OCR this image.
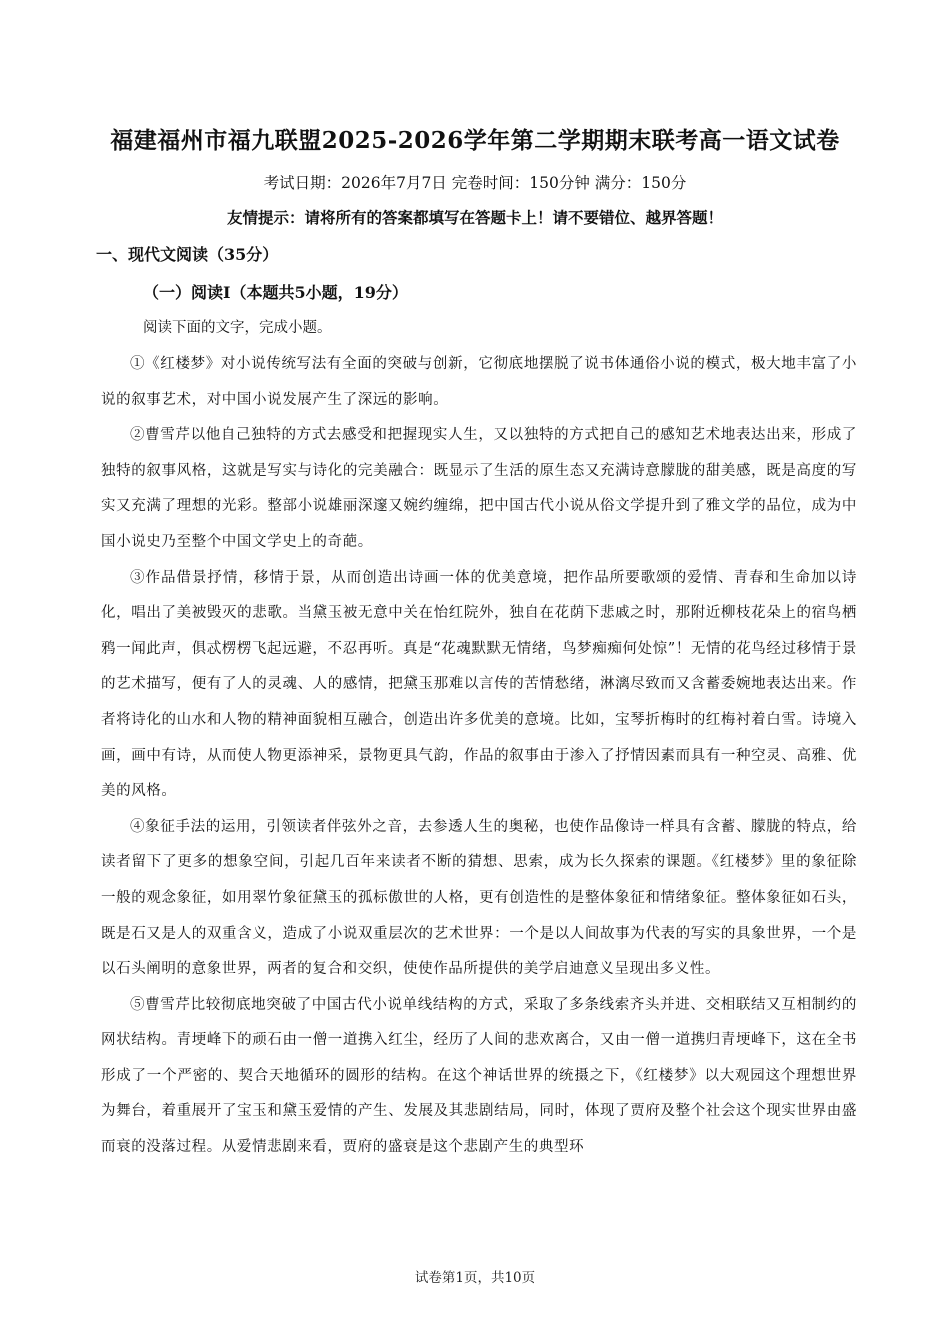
福建福州市福九联盟2025-2026学年第二学期期末联考高一语文试卷
考试日期：2026年7月7日 完卷时间：150分钟 满分：150分
友情提示：请将所有的答案都填写在答题卡上！请不要错位、越界答题！
一、现代文阅读（35分）
（一）阅读I（本题共5小题，19分）
阅读下面的文字，完成小题。

①《红楼梦》对小说传统写法有全面的突破与创新，它彻底地摆脱了说书体通俗小说的模式，极大地丰富了小说的叙事艺术，对中国小说发展产生了深远的影响。

②曹雪芹以他自己独特的方式去感受和把握现实人生，又以独特的方式把自己的感知艺术地表达出来，形成了独特的叙事风格，这就是写实与诗化的完美融合：既显示了生活的原生态又充满诗意朦胧的甜美感，既是高度的写实又充满了理想的光彩。整部小说雄丽深邃又婉约缠绵，把中国古代小说从俗文学提升到了雅文学的品位，成为中国小说史乃至整个中国文学史上的奇葩。

③作品借景抒情，移情于景，从而创造出诗画一体的优美意境，把作品所要歌颂的爱情、青春和生命加以诗化，唱出了美被毁灭的悲歌。当黛玉被无意中关在怡红院外，独自在花荫下悲戚之时，那附近柳枝花朵上的宿鸟栖鸦一闻此声，俱忒楞楞飞起远避，不忍再听。真是“花魂默默无情绪，鸟梦痴痴何处惊”！无情的花鸟经过移情于景的艺术描写，便有了人的灵魂、人的感情，把黛玉那难以言传的苦情愁绪，淋漓尽致而又含蓄委婉地表达出来。作者将诗化的山水和人物的精神面貌相互融合，创造出许多优美的意境。比如，宝琴折梅时的红梅衬着白雪。诗境入画，画中有诗，从而使人物更添神采，景物更具气韵，作品的叙事由于渗入了抒情因素而具有一种空灵、高雅、优美的风格。

④象征手法的运用，引领读者伴弦外之音，去参透人生的奥秘，也使作品像诗一样具有含蓄、朦胧的特点，给读者留下了更多的想象空间，引起几百年来读者不断的猜想、思索，成为长久探索的课题。《红楼梦》里的象征除一般的观念象征，如用翠竹象征黛玉的孤标傲世的人格，更有创造性的是整体象征和情绪象征。整体象征如石头，既是石又是人的双重含义，造成了小说双重层次的艺术世界：一个是以人间故事为代表的写实的具象世界，一个是以石头阐明的意象世界，两者的复合和交织，使使作品所提供的美学启迪意义呈现出多义性。

⑤曹雪芹比较彻底地突破了中国古代小说单线结构的方式，采取了多条线索齐头并进、交相联结又互相制约的网状结构。青埂峰下的顽石由一僧一道携入红尘，经历了人间的悲欢离合，又由一僧一道携归青埂峰下，这在全书形成了一个严密的、契合天地循环的圆形的结构。在这个神话世界的统摄之下，《红楼梦》以大观园这个理想世界为舞台，着重展开了宝玉和黛玉爱情的产生、发展及其悲剧结局，同时，体现了贾府及整个社会这个现实世界由盛而衰的没落过程。从爱情悲剧来看，贾府的盛衰是这个悲剧产生的典型环

试卷第1页，共10页
